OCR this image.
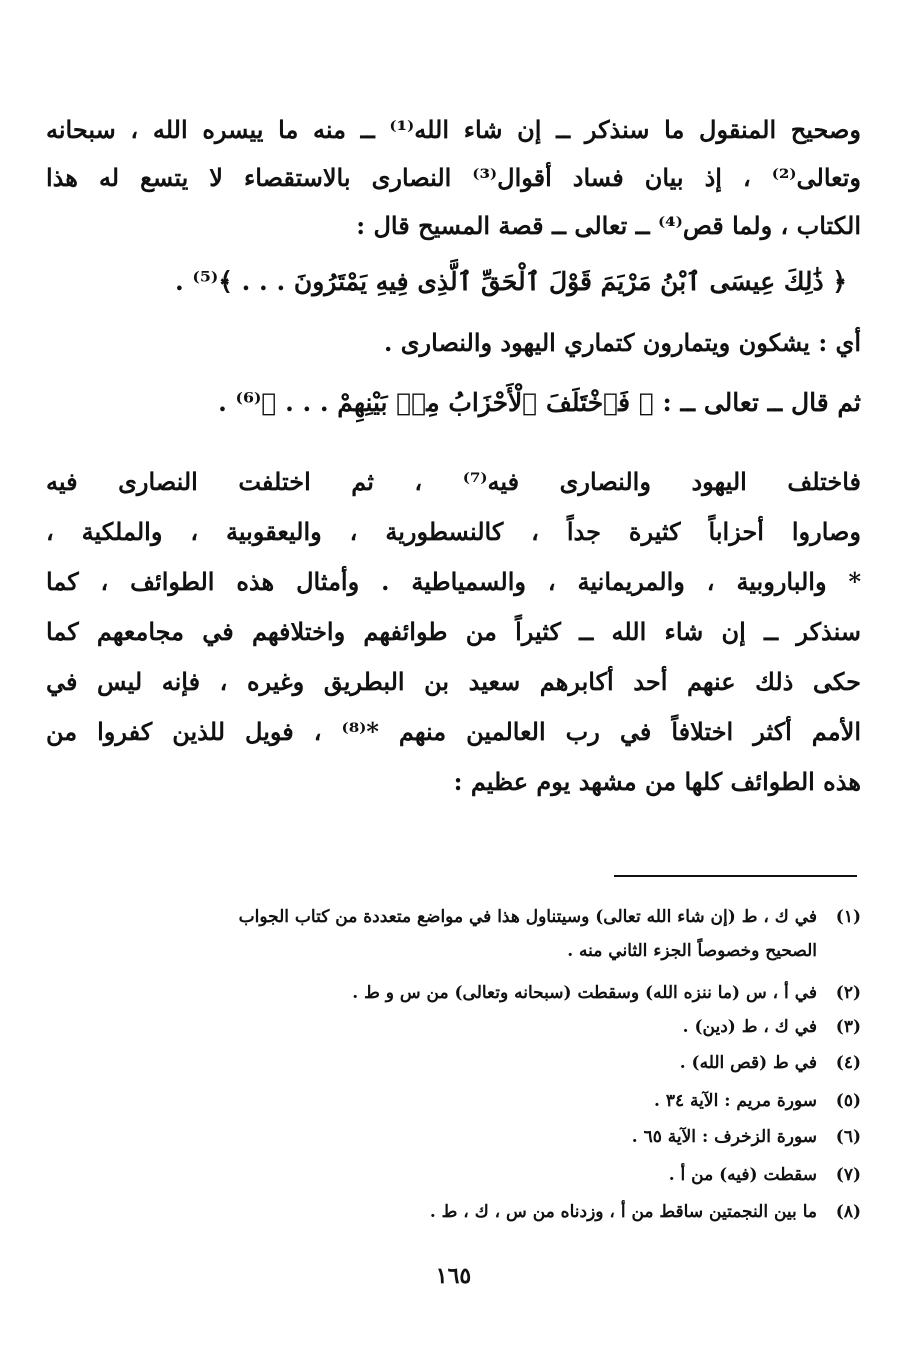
وصحيح المنقول ما سنذكر ــ إن شاء الله⁽¹⁾ ــ منه ما ييسره الله ، سبحانه
وتعالى⁽²⁾ ، إذ بيان فساد أقوال⁽³⁾ النصارى بالاستقصاء لا يتسع له هذا
الكتاب ، ولما قص⁽⁴⁾ ــ تعالى ــ قصة المسيح قال :
﴿ ذَٰلِكَ عِيسَى ٱبْنُ مَرْيَمَ قَوْلَ ٱلْحَقِّ ٱلَّذِى فِيهِ يَمْتَرُونَ . . . ﴾⁽⁵⁾ .
أي : يشكون ويتمارون كتماري اليهود والنصارى .
ثم قال ــ تعالى ــ : ﴿ فَٱخْتَلَفَ ٱلْأَحْزَابُ مِنۢ بَيْنِهِمْ . . . ﴾⁽⁶⁾ .
فاختلف اليهود والنصارى فيه⁽⁷⁾ ، ثم اختلفت النصارى فيه
وصاروا أحزاباً كثيرة جداً ، كالنسطورية ، واليعقوبية ، والملكية ،
* والباروبية ، والمريمانية ، والسمياطية . وأمثال هذه الطوائف ، كما
سنذكر ــ إن شاء الله ــ كثيراً من طوائفهم واختلافهم في مجامعهم كما
حكى ذلك عنهم أحد أكابرهم سعيد بن البطريق وغيره ، فإنه ليس في
الأمم أكثر اختلافاً في رب العالمين منهم *⁽⁸⁾ ، فويل للذين كفروا من
هذه الطوائف كلها من مشهد يوم عظيم :
(١)في ك ، ط (إن شاء الله تعالى) وسيتناول هذا في مواضع متعددة من كتاب الجواب
الصحيح وخصوصاً الجزء الثاني منه .
(٢)في أ ، س (ما ننزه الله) وسقطت (سبحانه وتعالى) من س و ط .
(٣)في ك ، ط (دين) .
(٤)في ط (قص الله) .
(٥)سورة مريم : الآية ٣٤ .
(٦)سورة الزخرف : الآية ٦٥ .
(٧)سقطت (فيه) من أ .
(٨)ما بين النجمتين ساقط من أ ، وزدناه من س ، ك ، ط .
١٦٥
